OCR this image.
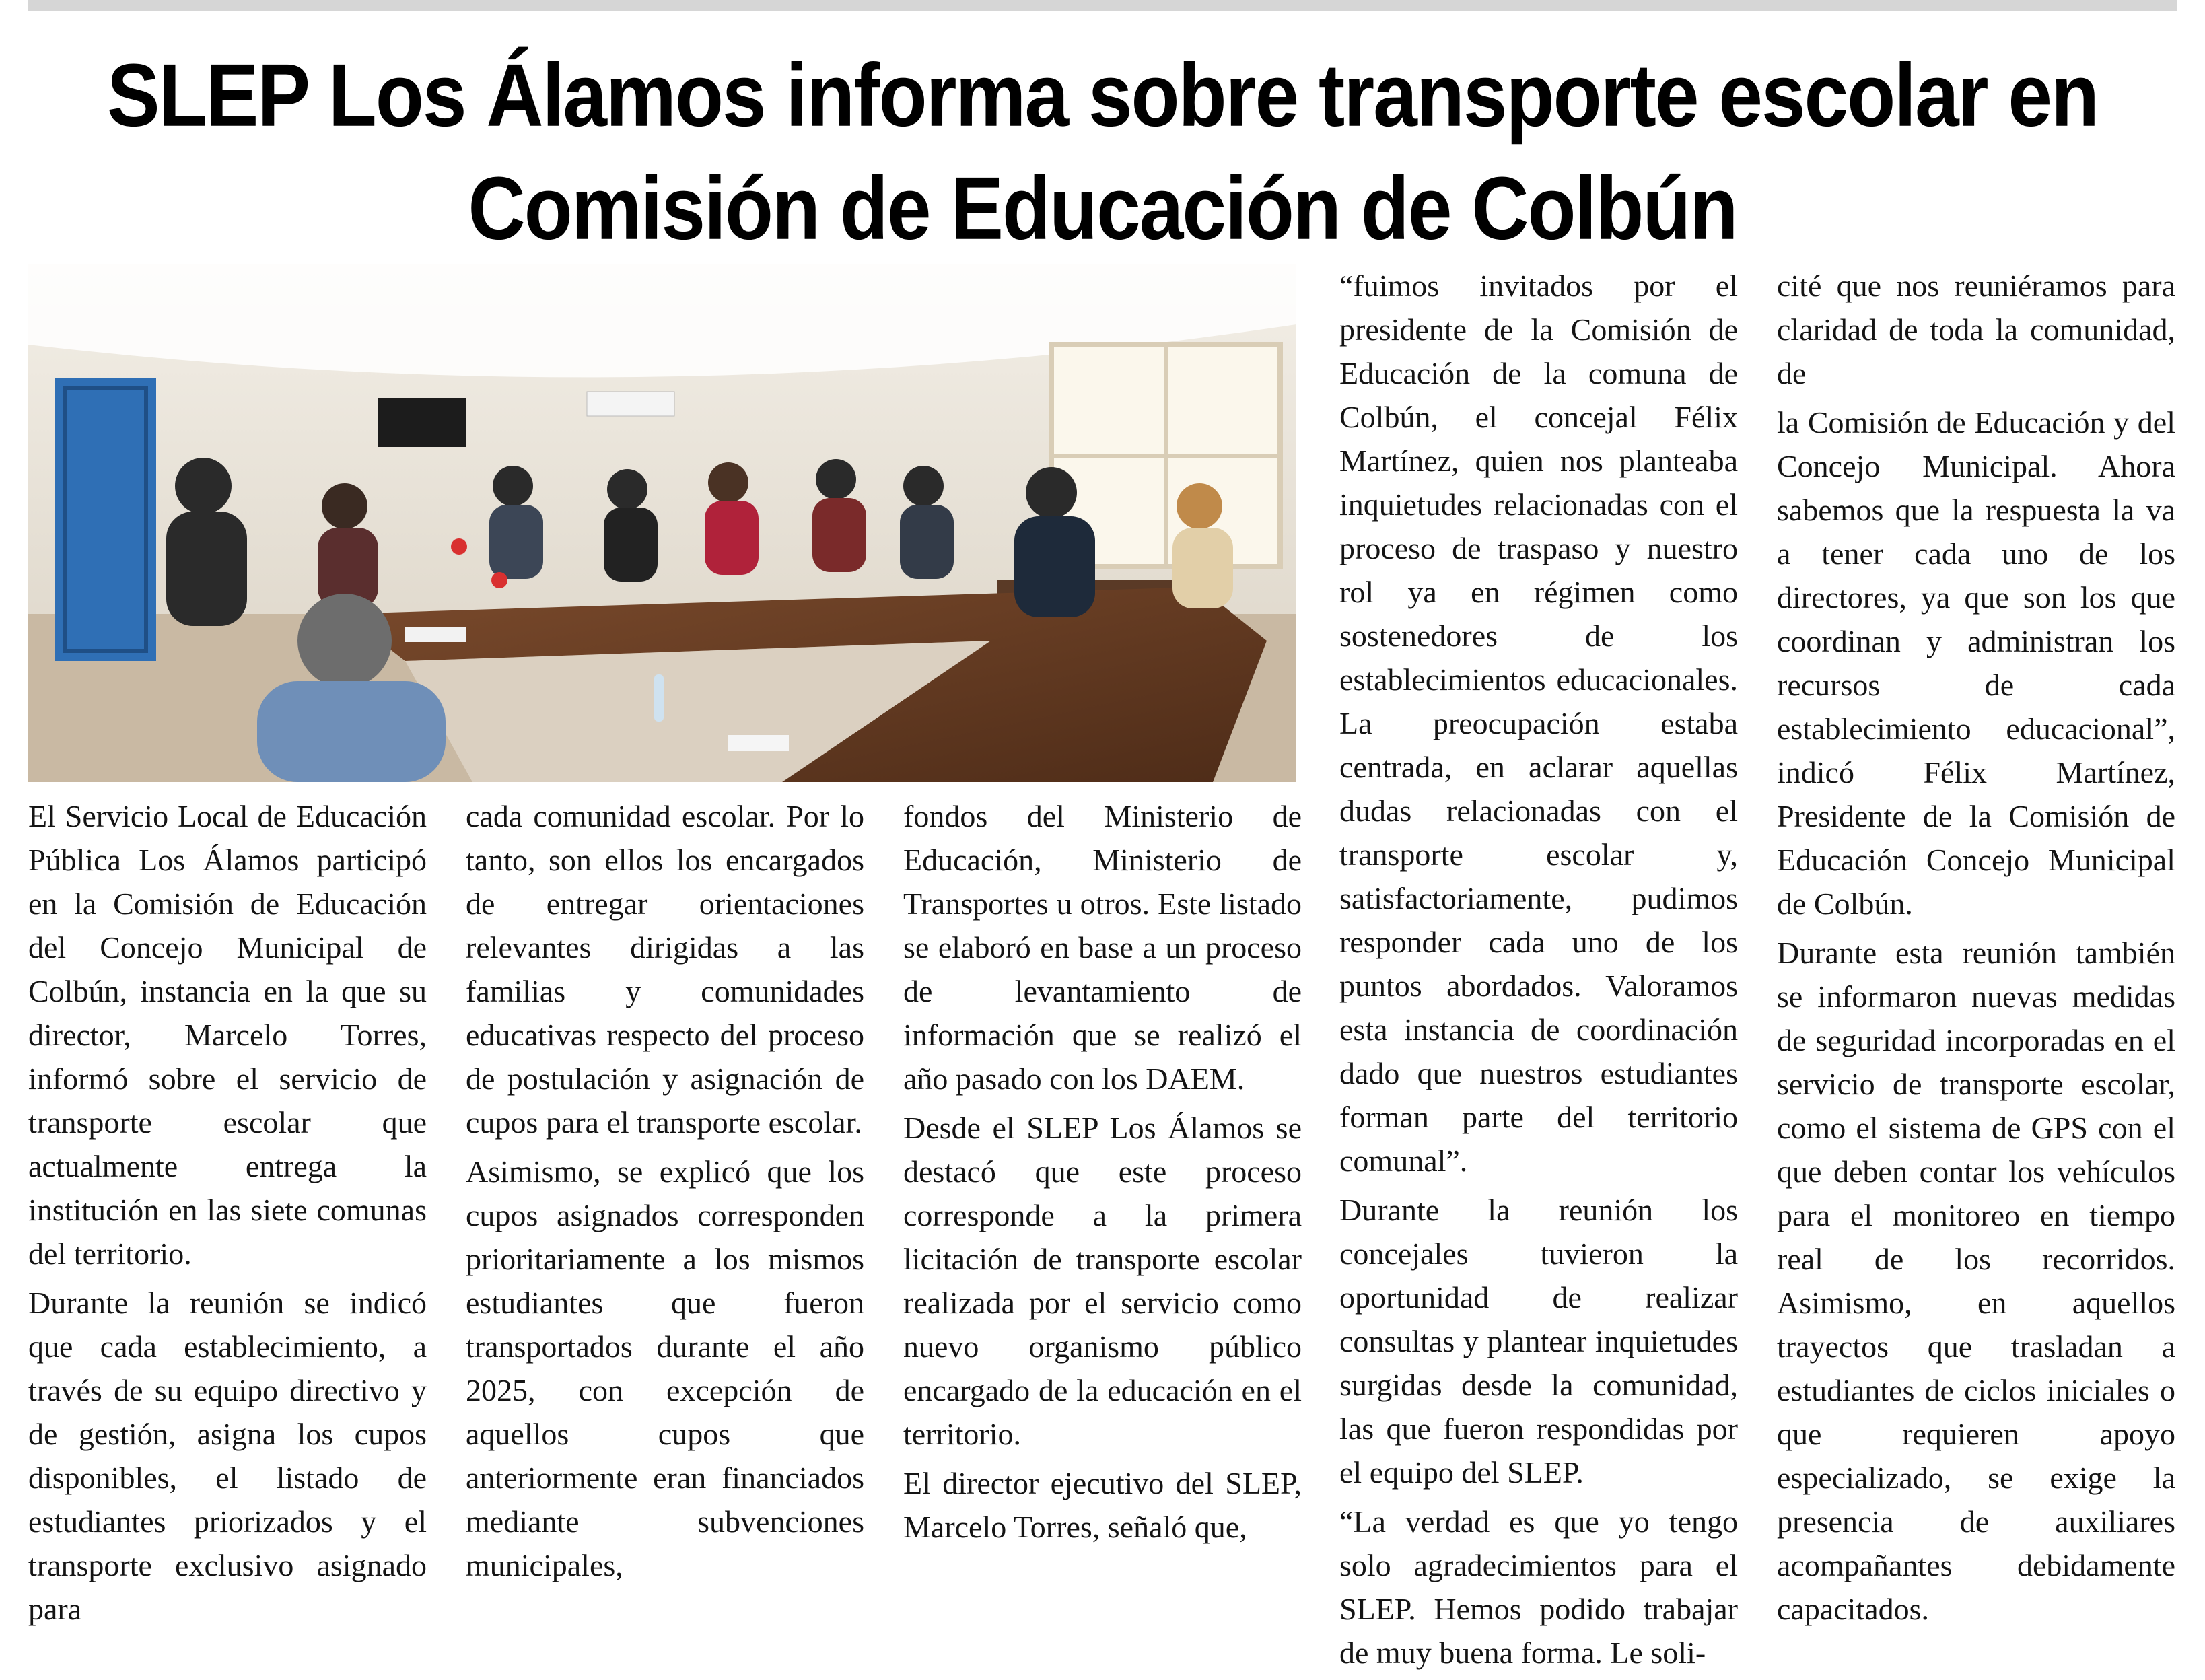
SLEP Los Álamos informa sobre transporte escolar en
Comisión de Educación de Colbún

El Servicio Local de Educación Pública Los Álamos participó en la Comisión de Educación del Concejo Municipal de Colbún, instancia en la que su director, Marcelo Torres, informó sobre el servicio de transporte escolar que actualmente entrega la institución en las siete comunas del territorio.

Durante la reunión se indicó que cada establecimiento, a través de su equipo directivo y de gestión, asigna los cupos disponibles, el listado de estudiantes priorizados y el transporte exclusivo asignado para

cada comunidad escolar. Por lo tanto, son ellos los encargados de entregar orientaciones relevantes dirigidas a las familias y comunidades educativas respecto del proceso de postulación y asignación de cupos para el transporte escolar.

Asimismo, se explicó que los cupos asignados corresponden prioritariamente a los mismos estudiantes que fueron transportados durante el año 2025, con excepción de aquellos cupos que anteriormente eran financiados mediante subvenciones municipales,

fondos del Ministerio de Educación, Ministerio de Transportes u otros. Este listado se elaboró en base a un proceso de levantamiento de información que se realizó el año pasado con los DAEM.

Desde el SLEP Los Álamos se destacó que este proceso corresponde a la primera licitación de transporte escolar realizada por el servicio como nuevo organismo público encargado de la educación en el territorio.

El director ejecutivo del SLEP, Marcelo Torres, señaló que,

“fuimos invitados por el presidente de la Comisión de Educación de la comuna de Colbún, el concejal Félix Martínez, quien nos planteaba inquietudes relacionadas con el proceso de traspaso y nuestro rol ya en régimen como sostenedores de los establecimientos educacionales. La preocupación estaba centrada, en aclarar aquellas dudas relacionadas con el transporte escolar y, satisfactoriamente, pudimos responder cada uno de los puntos abordados. Valoramos esta instancia de coordinación dado que nuestros estudiantes forman parte del territorio comunal”.

Durante la reunión los concejales tuvieron la oportunidad de realizar consultas y plantear inquietudes surgidas desde la comunidad, las que fueron respondidas por el equipo del SLEP.

“La verdad es que yo tengo solo agradecimientos para el SLEP. Hemos podido trabajar de muy buena forma. Le soli-

cité que nos reuniéramos para claridad de toda la comunidad, de

la Comisión de Educación y del Concejo Municipal. Ahora sabemos que la respuesta la va a tener cada uno de los directores, ya que son los que coordinan y administran los recursos de cada establecimiento educacional”, indicó Félix Martínez, Presidente de la Comisión de Educación Concejo Municipal de Colbún.

Durante esta reunión también se informaron nuevas medidas de seguridad incorporadas en el servicio de transporte escolar, como el sistema de GPS con el que deben contar los vehículos para el monitoreo en tiempo real de los recorridos. Asimismo, en aquellos trayectos que trasladan a estudiantes de ciclos iniciales o que requieren apoyo especializado, se exige la presencia de auxiliares acompañantes debidamente capacitados.
